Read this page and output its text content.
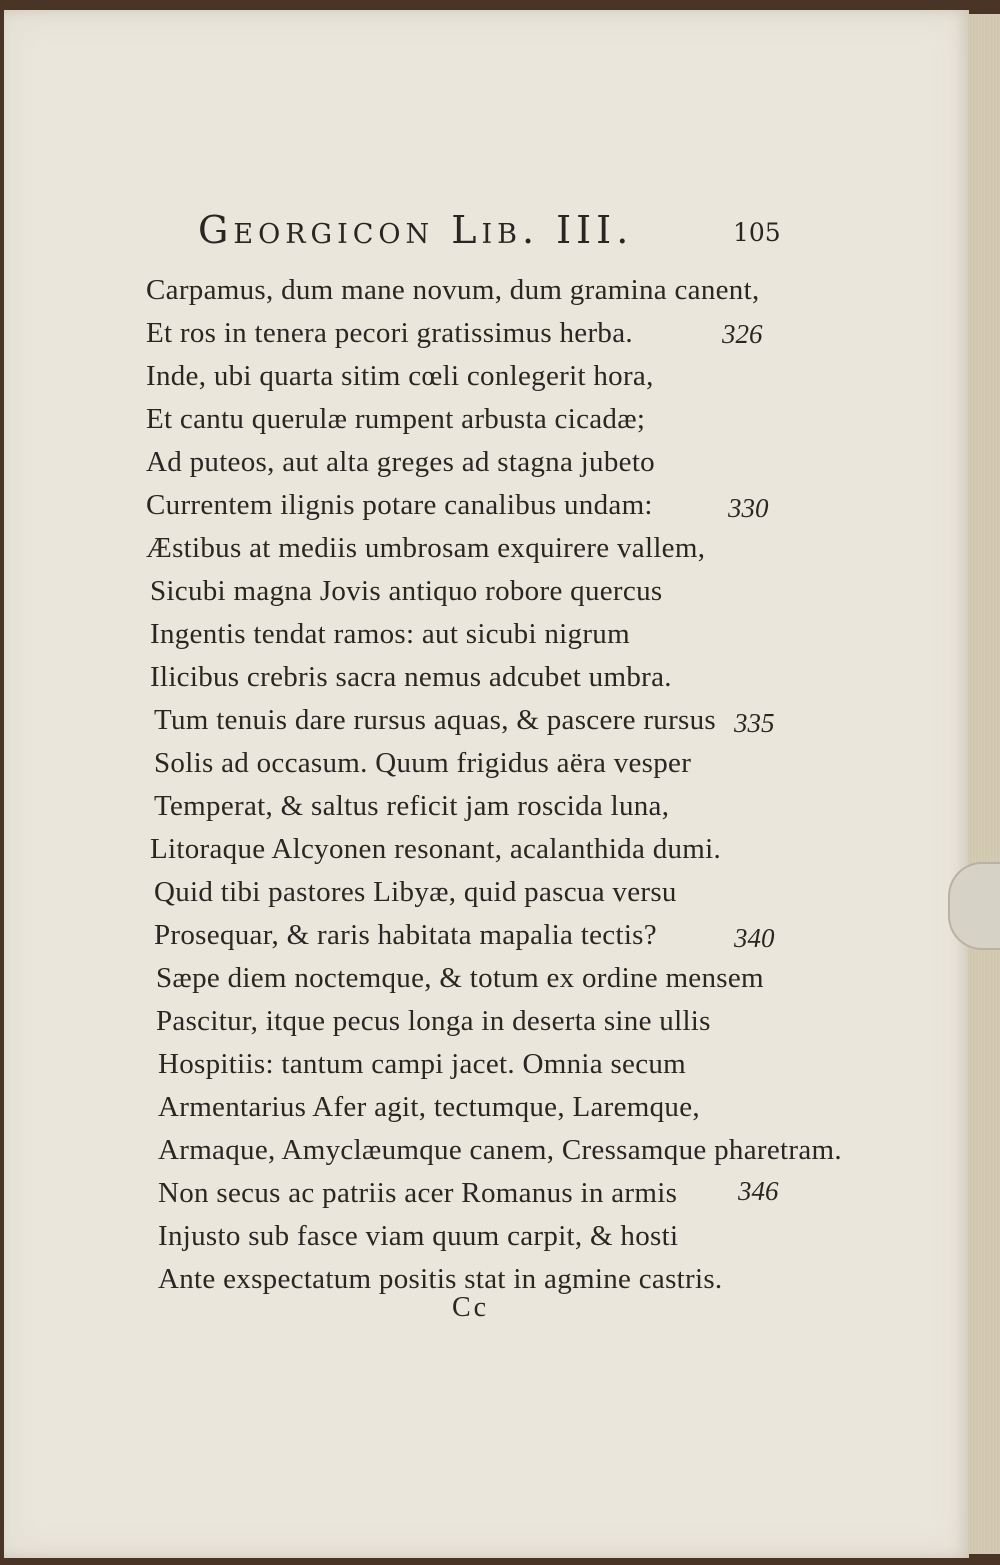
Georgicon Lib. III.	105
Carpamus, dum mane novum, dum gramina canent,
Et ros in tenera pecori gratissimus herba.	326
Inde, ubi quarta sitim cœli conlegerit hora,
Et cantu querulæ rumpent arbusta cicadæ;
Ad puteos, aut alta greges ad stagna jubeto
Currentem ilignis potare canalibus undam:	330
Æstibus at mediis umbrosam exquirere vallem,
Sicubi magna Jovis antiquo robore quercus
Ingentis tendat ramos: aut sicubi nigrum
Ilicibus crebris sacra nemus adcubet umbra.
Tum tenuis dare rursus aquas, & pascere rursus 335
Solis ad occasum. Quum frigidus aëra vesper
Temperat, & saltus reficit jam roscida luna,
Litoraque Alcyonen resonant, acalanthida dumi.
Quid tibi pastores Libyæ, quid pascua versu
Prosequar, & raris habitata mapalia tectis?	340
Sæpe diem noctemque, & totum ex ordine mensem
Pascitur, itque pecus longa in deserta sine ullis
Hospitiis: tantum campi jacet. Omnia secum
Armentarius Afer agit, tectumque, Laremque,
Armaque, Amyclæumque canem, Cressamque pharetram.
Non secus ac patriis acer Romanus in armis 346
Injusto sub fasce viam quum carpit, & hosti
Ante exspectatum positis stat in agmine castris.
Cc
